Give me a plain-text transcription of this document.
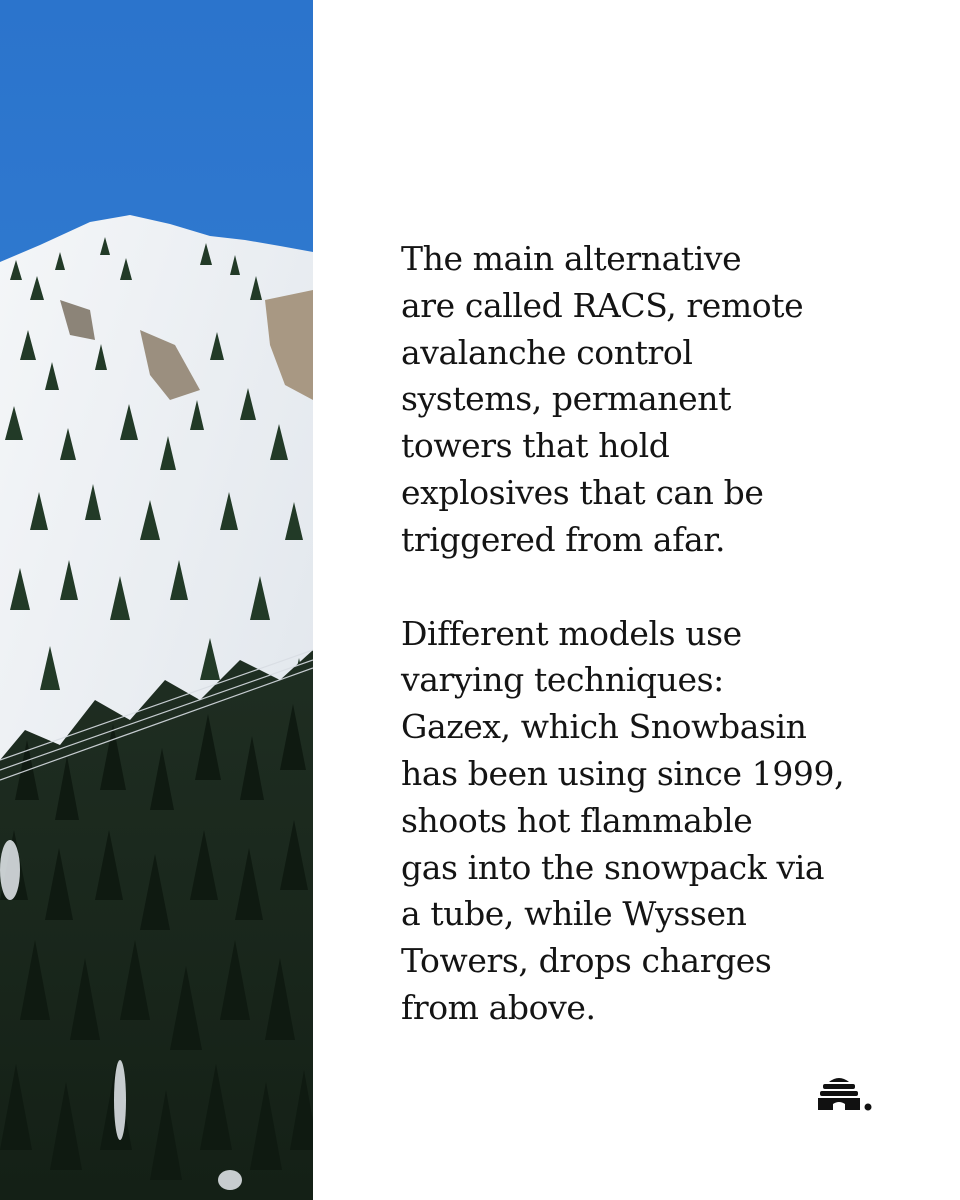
The main alternative
are called RACS, remote
avalanche control
systems, permanent
towers that hold
explosives that can be
triggered from afar.

Different models use
varying techniques:
Gazex, which Snowbasin
has been using since 1999,
shoots hot flammable
gas into the snowpack via
a tube, while Wyssen
Towers, drops charges
from above.
